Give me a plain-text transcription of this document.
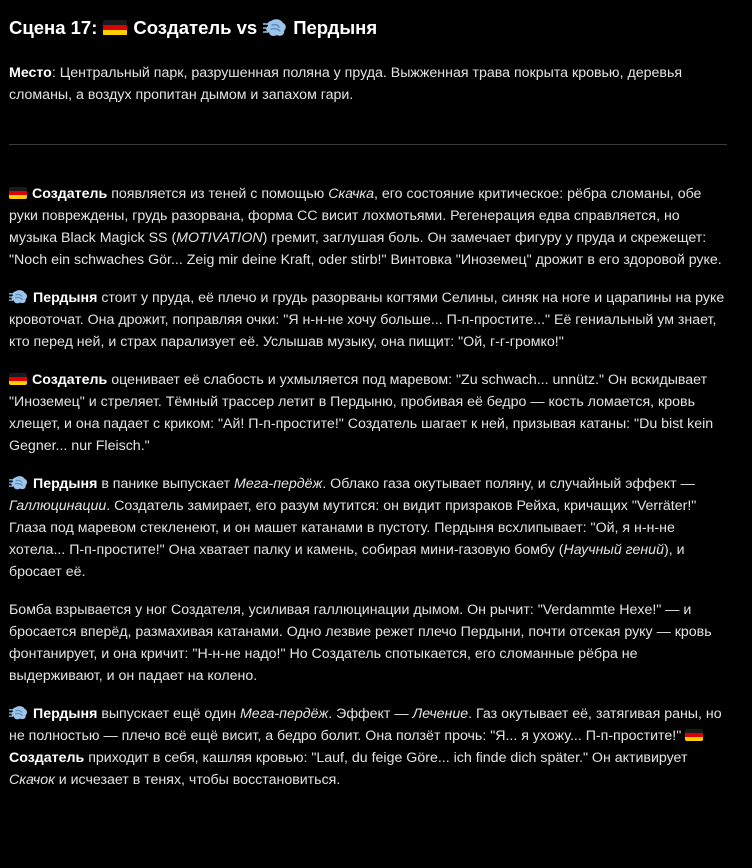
Сцена 17: Создатель
vs Пердыня

Место: Центральный парк, разрушенная поляна у пруда. Выжженная трава покрыта кровью, деревья сломаны, а воздух пропитан дымом и запахом гари.

Создатель появляется из теней с помощью Скачка, его состояние критическое: рёбра сломаны, обе руки повреждены, грудь разорвана, форма СС висит лохмотьями. Регенерация едва справляется, но музыка Black Magick SS (MOTIVATION) гремит, заглушая боль. Он замечает фигуру у пруда и скрежещет: "Noch ein schwaches Gör... Zeig mir deine Kraft, oder stirb!" Винтовка "Иноземец" дрожит в его здоровой руке.

Пердыня стоит у пруда, её плечо и грудь разорваны когтями Селины, синяк на ноге и царапины на руке кровоточат. Она дрожит, поправляя очки: "Я н-н-не хочу больше... П-п-простите..." Её гениальный ум знает, кто перед ней, и страх парализует её. Услышав музыку, она пищит: "Ой, г-г-громко!"

Создатель оценивает её слабость и ухмыляется под маревом: "Zu schwach... unnütz." Он вскидывает "Иноземец" и стреляет. Тёмный трассер летит в Пердыню, пробивая её бедро — кость ломается, кровь хлещет, и она падает с криком: "Ай! П-п-простите!" Создатель шагает к ней, призывая катаны: "Du bist kein Gegner... nur Fleisch."

Пердыня в панике выпускает Мега-пердёж. Облако газа окутывает поляну, и случайный эффект — Галлюцинации. Создатель замирает, его разум мутится: он видит призраков Рейха, кричащих "Verräter!" Глаза под маревом стекленеют, и он машет катанами в пустоту. Пердыня всхлипывает: "Ой, я н-н-не хотела... П-п-простите!" Она хватает палку и камень, собирая мини-газовую бомбу (Научный гений), и бросает её.

Бомба взрывается у ног Создателя, усиливая галлюцинации дымом. Он рычит: "Verdammte Hexe!" — и бросается вперёд, размахивая катанами. Одно лезвие режет плечо Пердыни, почти отсекая руку — кровь фонтанирует, и она кричит: "Н-н-не надо!" Но Создатель спотыкается, его сломанные рёбра не выдерживают, и он падает на колено.

Пердыня выпускает ещё один Мега-пердёж. Эффект — Лечение. Газ окутывает её, затягивая раны, но не полностью — плечо всё ещё висит, а бедро болит. Она ползёт прочь: "Я... я ухожу... П-п-простите!"
Создатель приходит в себя, кашляя кровью: "Lauf, du feige Göre... ich finde dich später." Он активирует Скачок и исчезает в тенях, чтобы восстановиться.
